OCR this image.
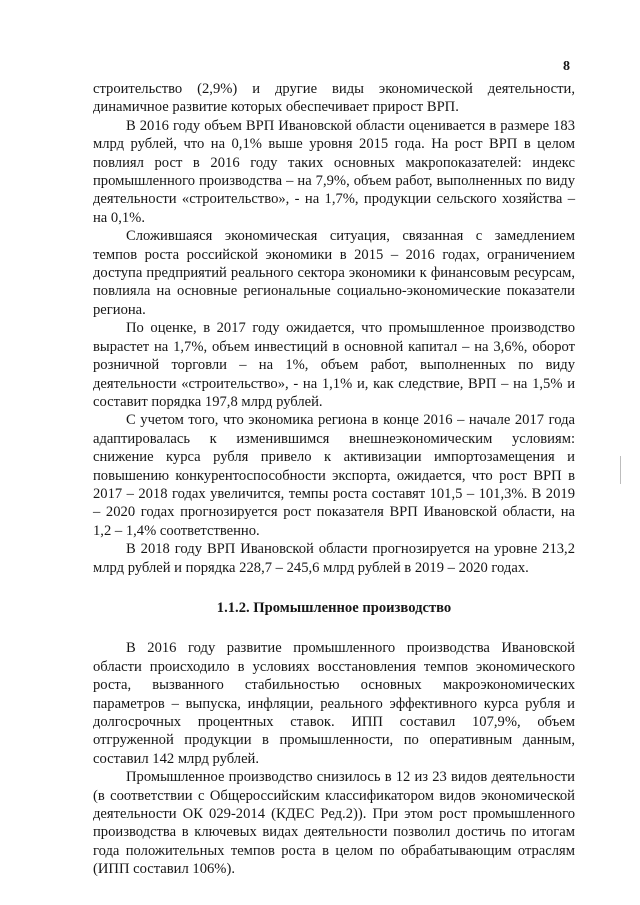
8

строительство (2,9%) и другие виды экономической деятельности, динамичное развитие которых обеспечивает прирост ВРП.

В 2016 году объем ВРП Ивановской области оценивается в размере 183 млрд рублей, что на 0,1% выше уровня 2015 года. На рост ВРП в целом повлиял рост в 2016 году таких основных макропоказателей: индекс промышленного производства – на 7,9%, объем работ, выполненных по виду деятельности «строительство», - на 1,7%, продукции сельского хозяйства – на 0,1%.

Сложившаяся экономическая ситуация, связанная с замедлением темпов роста российской экономики в 2015 – 2016 годах, ограничением доступа предприятий реального сектора экономики к финансовым ресурсам, повлияла на основные региональные социально-экономические показатели региона.

По оценке, в 2017 году ожидается, что промышленное производство вырастет на 1,7%, объем инвестиций в основной капитал – на 3,6%, оборот розничной торговли – на 1%, объем работ, выполненных по виду деятельности «строительство», - на 1,1% и, как следствие, ВРП – на 1,5% и составит порядка 197,8 млрд рублей.

С учетом того, что экономика региона в конце 2016 – начале 2017 года адаптировалась к изменившимся внешнеэкономическим условиям: снижение курса рубля привело к активизации импортозамещения и повышению конкурентоспособности экспорта, ожидается, что рост ВРП в 2017 – 2018 годах увеличится, темпы роста составят 101,5 – 101,3%. В 2019 – 2020 годах прогнозируется рост показателя ВРП Ивановской области, на 1,2 – 1,4% соответственно.

В 2018 году ВРП Ивановской области прогнозируется на уровне 213,2 млрд рублей и порядка 228,7 – 245,6 млрд рублей в 2019 – 2020 годах.

1.1.2. Промышленное производство

В 2016 году развитие промышленного производства Ивановской области происходило в условиях восстановления темпов экономического роста, вызванного стабильностью основных макроэкономических параметров – выпуска, инфляции, реального эффективного курса рубля и долгосрочных процентных ставок. ИПП составил 107,9%, объем отгруженной продукции в промышленности, по оперативным данным, составил 142 млрд рублей.

Промышленное производство снизилось в 12 из 23 видов деятельности (в соответствии с Общероссийским классификатором видов экономической деятельности ОК 029-2014 (КДЕС Ред.2)). При этом рост промышленного производства в ключевых видах деятельности позволил достичь по итогам года положительных темпов роста в целом по обрабатывающим отраслям (ИПП составил 106%).
